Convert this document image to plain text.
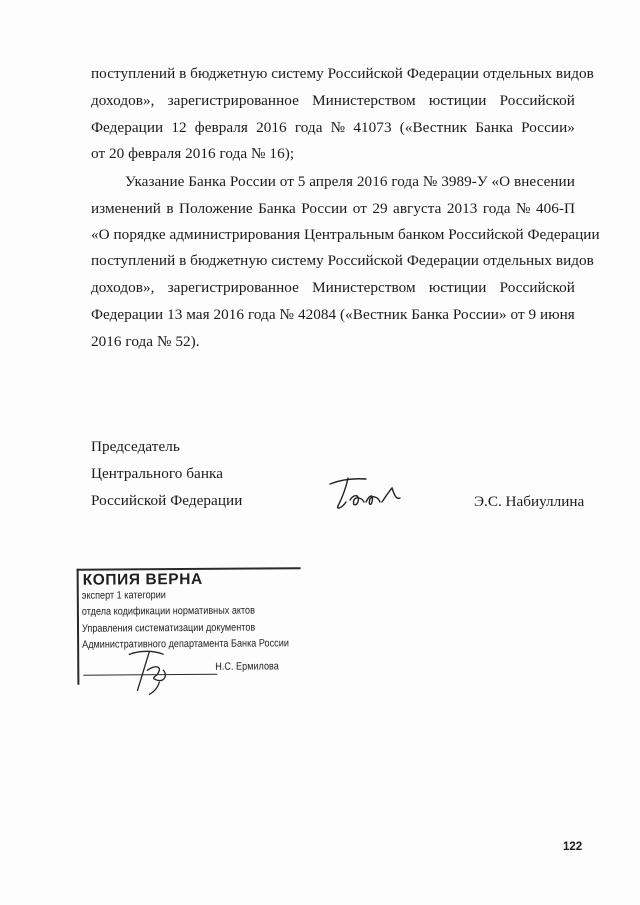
поступлений в бюджетную систему Российской Федерации отдельных видов
доходов», зарегистрированное Министерством юстиции Российской
Федерации 12 февраля 2016 года № 41073 («Вестник Банка России»
от 20 февраля 2016 года № 16);
Указание Банка России от 5 апреля 2016 года № 3989-У «О внесении
изменений в Положение Банка России от 29 августа 2013 года № 406-П
«О порядке администрирования Центральным банком Российской Федерации
поступлений в бюджетную систему Российской Федерации отдельных видов
доходов», зарегистрированное Министерством юстиции Российской
Федерации 13 мая 2016 года № 42084 («Вестник Банка России» от 9 июня
2016 года № 52).
Председатель
Центрального банка
Российской Федерации	Э.С. Набиуллина
КОПИЯ ВЕРНА
эксперт 1 категории
отдела кодификации нормативных актов
Управления систематизации документов
Административного департамента Банка России
Н.С. Ермилова
122
